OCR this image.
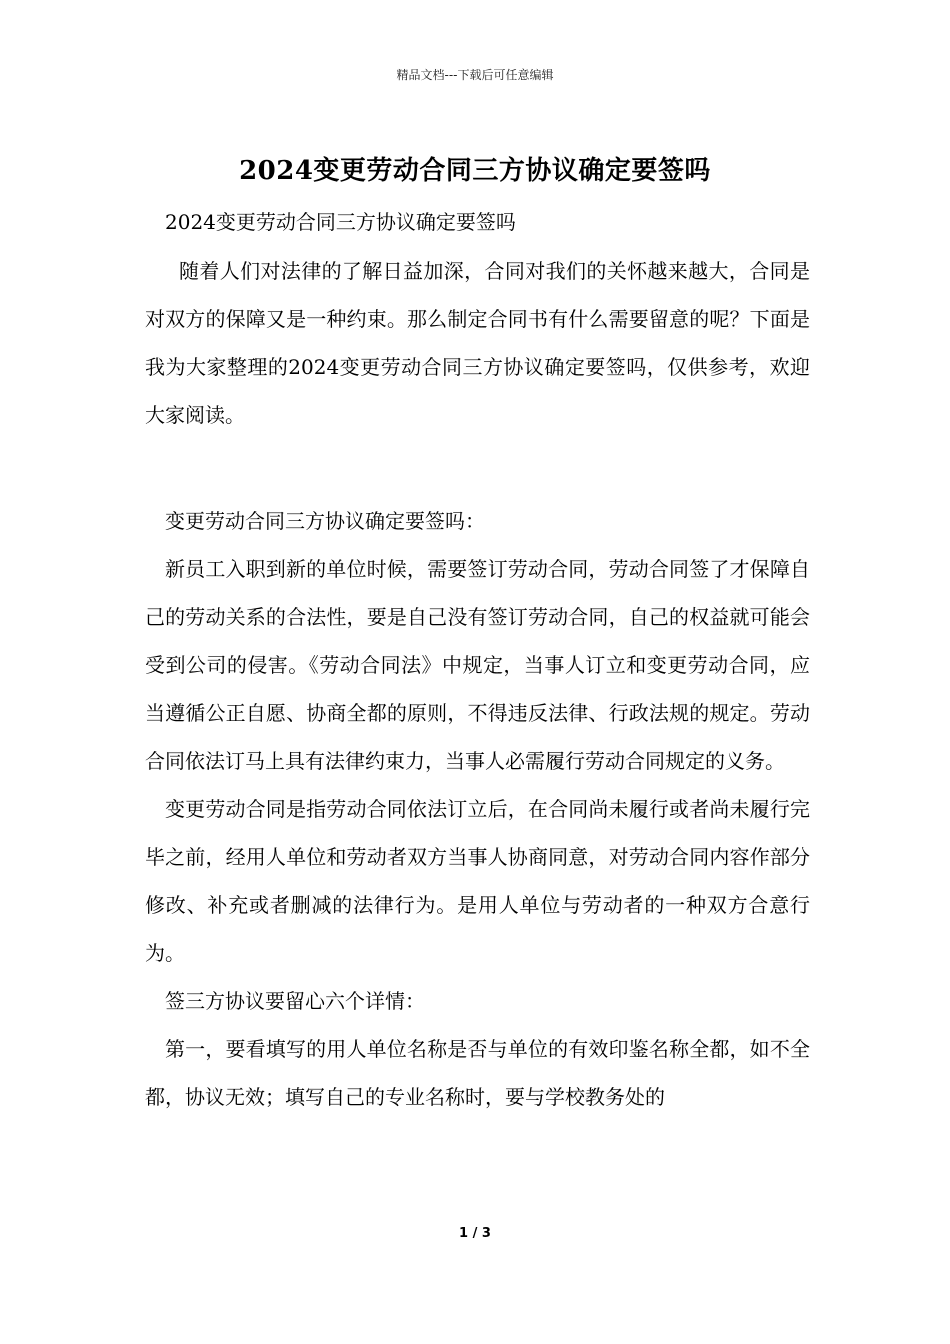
精品文档---下载后可任意编辑
2024变更劳动合同三方协议确定要签吗

2024变更劳动合同三方协议确定要签吗

随着人们对法律的了解日益加深，合同对我们的关怀越来越大，合同是对双方的保障又是一种约束。那么制定合同书有什么需要留意的呢？下面是我为大家整理的2024变更劳动合同三方协议确定要签吗，仅供参考，欢迎大家阅读。

变更劳动合同三方协议确定要签吗：

新员工入职到新的单位时候，需要签订劳动合同，劳动合同签了才保障自己的劳动关系的合法性，要是自己没有签订劳动合同，自己的权益就可能会受到公司的侵害。《劳动合同法》中规定，当事人订立和变更劳动合同，应当遵循公正自愿、协商全都的原则，不得违反法律、行政法规的规定。劳动合同依法订马上具有法律约束力，当事人必需履行劳动合同规定的义务。

变更劳动合同是指劳动合同依法订立后，在合同尚未履行或者尚未履行完毕之前，经用人单位和劳动者双方当事人协商同意，对劳动合同内容作部分修改、补充或者删减的法律行为。是用人单位与劳动者的一种双方合意行为。

签三方协议要留心六个详情：

第一，要看填写的用人单位名称是否与单位的有效印鉴名称全都，如不全都，协议无效；填写自己的专业名称时，要与学校教务处的

1 / 3
